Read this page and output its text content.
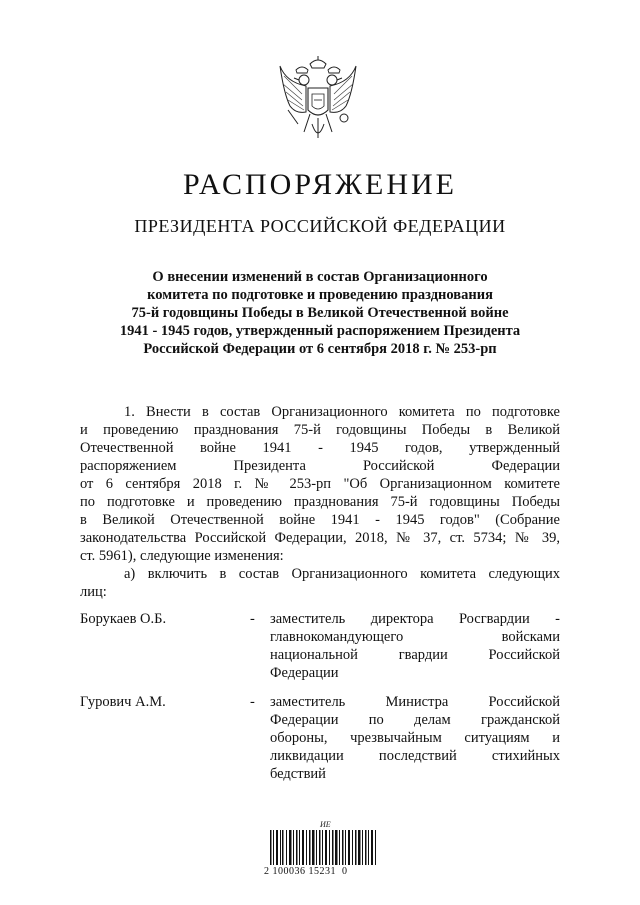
РАСПОРЯЖЕНИЕ
ПРЕЗИДЕНТА РОССИЙСКОЙ ФЕДЕРАЦИИ
О внесении изменений в состав Организационного
комитета по подготовке и проведению празднования
75-й годовщины Победы в Великой Отечественной войне
1941 - 1945 годов, утвержденный распоряжением Президента
Российской Федерации от 6 сентября 2018 г. № 253-рп
1. Внести в состав Организационного комитета по подготовке
и проведению празднования 75-й годовщины Победы в Великой
Отечественной войне 1941 - 1945 годов, утвержденный
распоряжением Президента Российской Федерации
от 6 сентября 2018 г. № 253-рп "Об Организационном комитете
по подготовке и проведению празднования 75-й годовщины Победы
в Великой Отечественной войне 1941 - 1945 годов" (Собрание
законодательства Российской Федерации, 2018, № 37, ст. 5734; № 39,
ст. 5961), следующие изменения:
а) включить в состав Организационного комитета следующих
лиц:
Борукаев О.Б.	- заместитель директора Росгвардии -
главнокомандующего войсками
национальной гвардии Российской
Федерации
Гурович А.М.	- заместитель Министра Российской
Федерации по делам гражданской
обороны, чрезвычайным ситуациям и
ликвидации последствий стихийных
бедствий
ИЕ
2 100036 15231  0
